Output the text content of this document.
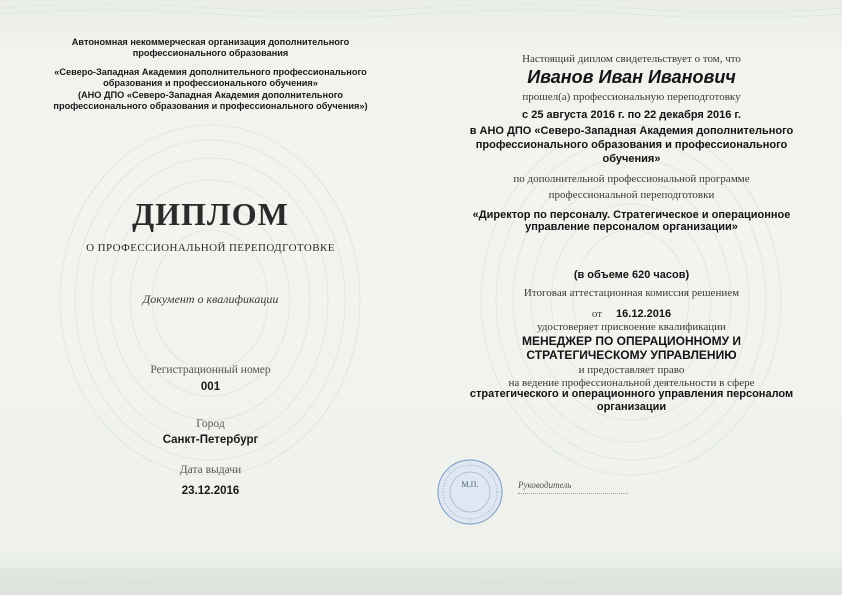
Автономная некоммерческая организация дополнительного

профессионального образования

«Северо-Западная Академия дополнительного профессионального

образования и профессионального обучения»

(АНО ДПО «Северо-Западная Академия дополнительного

профессионального образования и профессионального обучения»)

ДИПЛОМ

О ПРОФЕССИОНАЛЬНОЙ ПЕРЕПОДГОТОВКЕ

Документ о квалификации

Регистрационный номер

001

Город

Санкт-Петербург

Дата выдачи

23.12.2016

Настоящий диплом свидетельствует о том, что

Иванов Иван Иванович

прошел(а) профессиональную переподготовку

с 25 августа 2016 г. по 22 декабря 2016 г.

в АНО ДПО «Северо-Западная Академия дополнительного

профессионального образования и профессионального

обучения»

по дополнительной профессиональной программе

профессиональной переподготовки

«Директор по персоналу. Стратегическое и операционное

управление персоналом организации»

(в объеме 620 часов)

Итоговая аттестационная комиссия решением

от 16.12.2016

удостоверяет присвоение квалификации

МЕНЕДЖЕР ПО ОПЕРАЦИОННОМУ И

СТРАТЕГИЧЕСКОМУ УПРАВЛЕНИЮ

и предоставляет право

на ведение профессиональной деятельности в сфере

стратегического и операционного управления персоналом

организации

М.П.	Руководитель
